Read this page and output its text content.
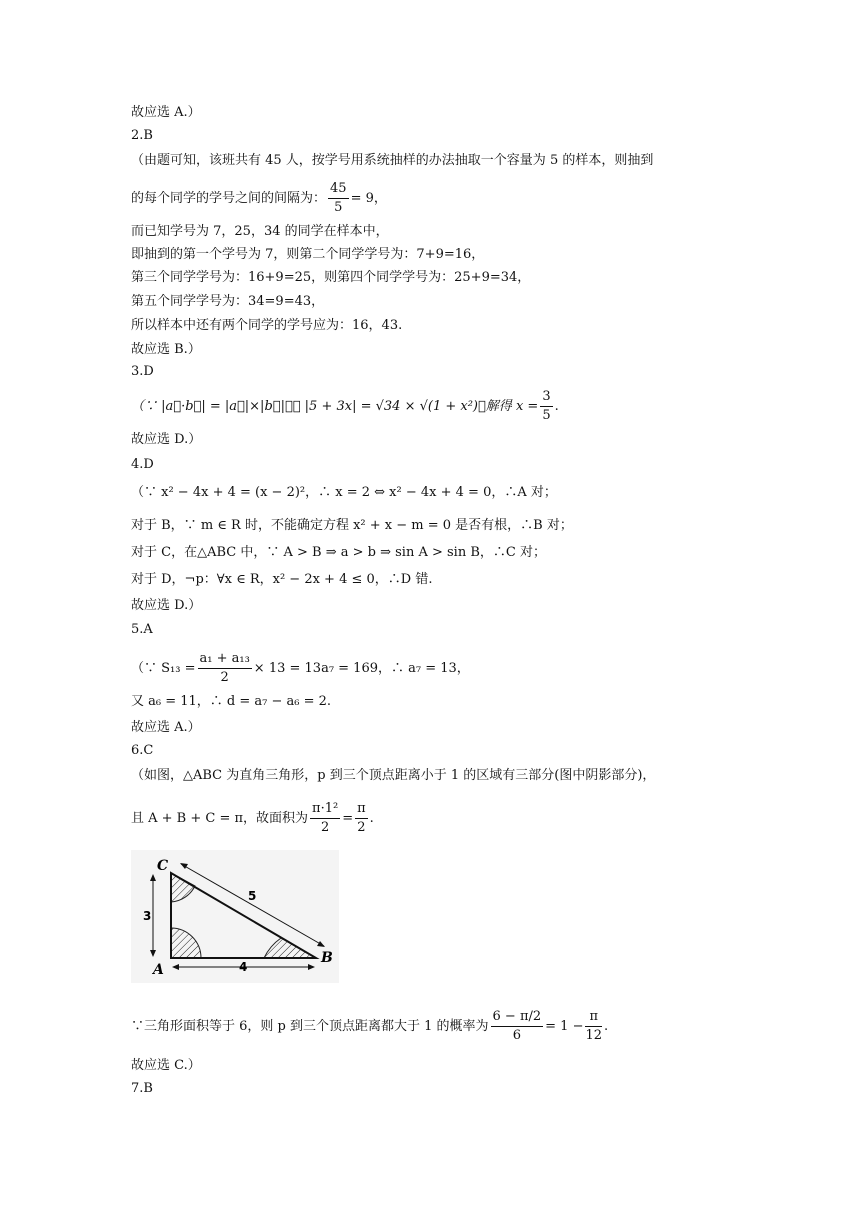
故应选 A.）
2.B
（由题可知，该班共有 45 人，按学号用系统抽样的办法抽取一个容量为 5 的样本，则抽到
的每个同学的学号之间的间隔为： $\frac{45}{5} = 9$，
而已知学号为 7，25，34 的同学在样本中，
即抽到的第一个学号为 7，则第二个同学学号为：7+9=16，
第三个同学学号为：16+9=25，则第四个同学学号为：25+9=34，
第五个同学学号为：34=9=43，
所以样本中还有两个同学的学号应为：16，43.
故应选 B.）
3.D
（∵ |a⃗·b⃗| = |a⃗|×|b⃗|，∴ |5 + 3x| = √34 × √(1 + x²)，解得 $x = \frac{3}{5}$ .
故应选 D.）
4.D
（∵ x² − 4x + 4 = (x − 2)²，∴ x = 2 ⇔ x² − 4x + 4 = 0，∴A 对；
对于 B，∵ m ∈ R 时，不能确定方程 x² + x − m = 0 是否有根，∴B 对；
对于 C，在△ABC 中，∵ A > B ⇒ a > b ⇒ sin A > sin B，∴C 对；
对于 D，¬p：∀x ∈ R，x² − 2x + 4 ≤ 0，∴D 错.
故应选 D.）
5.A
（∵ $S_{13} = \frac{\text{a₁ + a₁₃}}{2} \times 13 = 13a_7 = 169$，∴ a₇ = 13，
又 a₆ = 11，∴ d = a₇ − a₆ = 2.
故应选 A.）
6.C
（如图，△ABC 为直角三角形，p 到三个顶点距离小于 1 的区域有三部分(图中阴影部分)，
且 A + B + C = π，故面积为 $\frac{\text{π·1²}}{2} = \frac{\pi}{2}$ .
C
A
B
3
4
5
∵三角形面积等于 6，则 p 到三个顶点距离都大于 1 的概率为 $\frac{6 - \pi/2}{6} = 1 - \frac{\pi}{12}$ .
故应选 C.）
7.B
